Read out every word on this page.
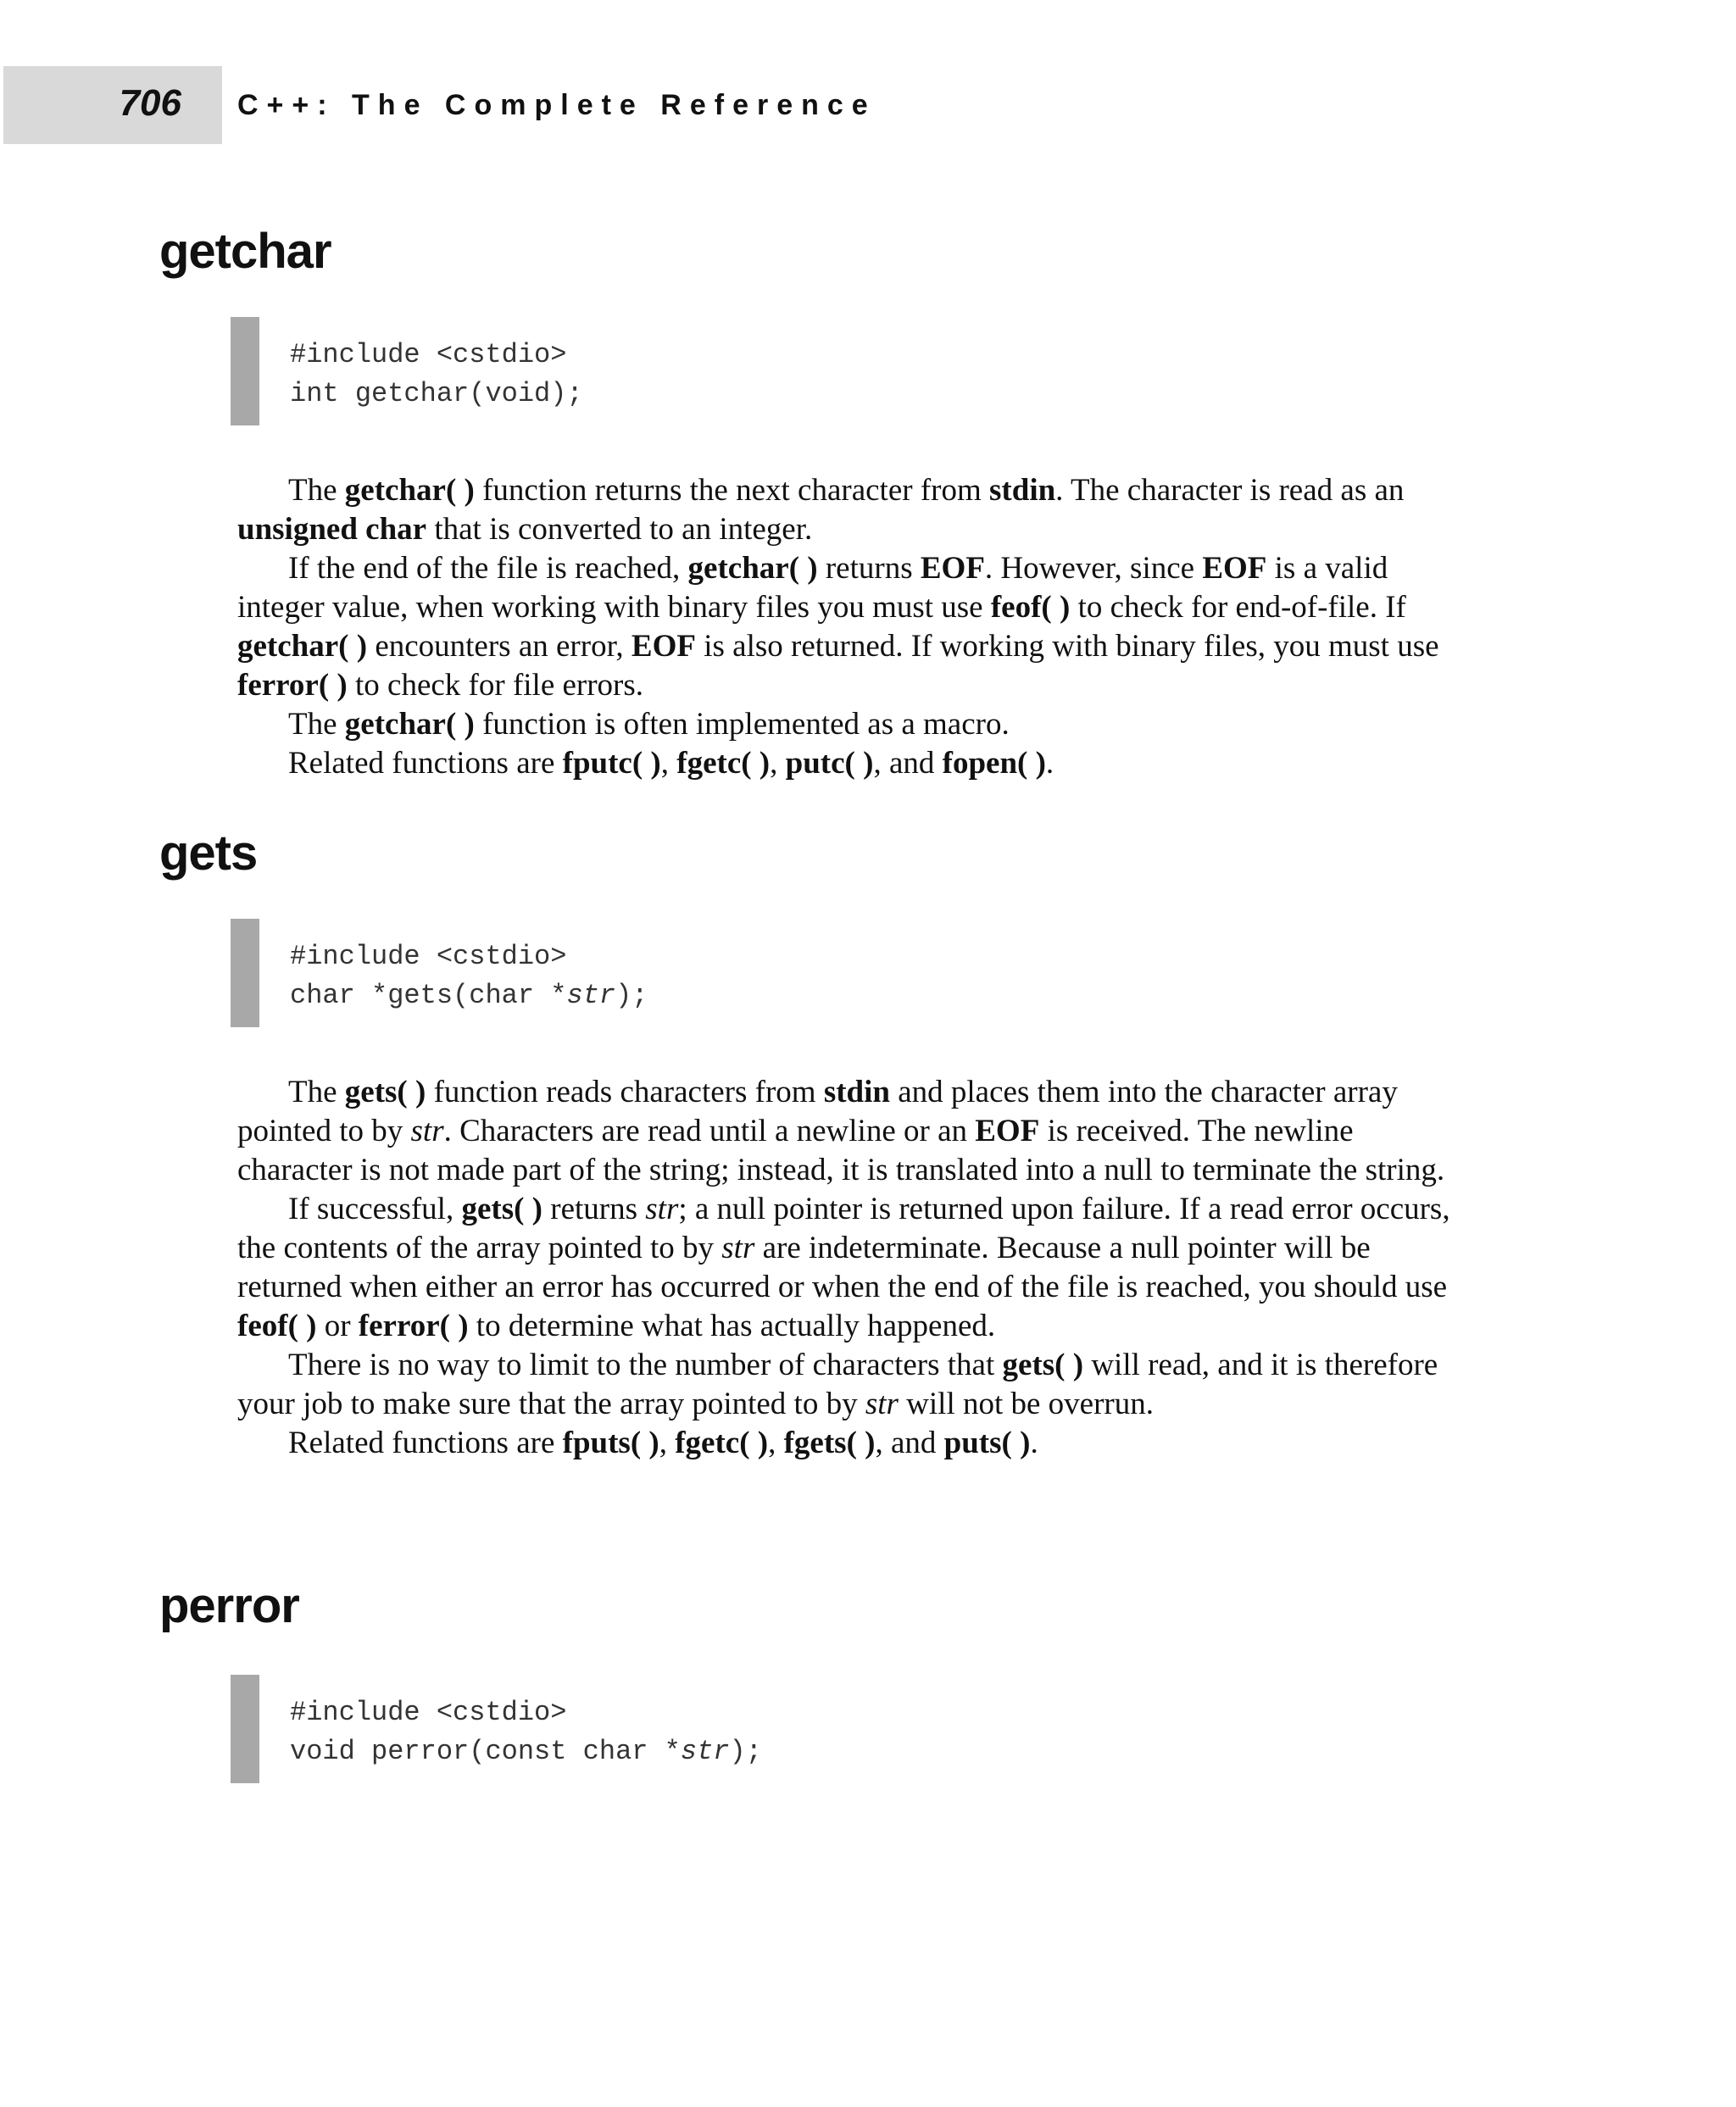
706 C++: The Complete Reference
getchar
#include <cstdio>
int getchar(void);

The getchar( ) function returns the next character from stdin. The character is read as an unsigned char that is converted to an integer.

If the end of the file is reached, getchar( ) returns EOF. However, since EOF is a valid integer value, when working with binary files you must use feof( ) to check for end-of-file. If getchar( ) encounters an error, EOF is also returned. If working with binary files, you must use ferror( ) to check for file errors.

The getchar( ) function is often implemented as a macro.

Related functions are fputc( ), fgetc( ), putc( ), and fopen( ).

gets
#include <cstdio>
char *gets(char *str);

The gets( ) function reads characters from stdin and places them into the character array pointed to by str. Characters are read until a newline or an EOF is received. The newline character is not made part of the string; instead, it is translated into a null to terminate the string.

If successful, gets( ) returns str; a null pointer is returned upon failure. If a read error occurs, the contents of the array pointed to by str are indeterminate. Because a null pointer will be returned when either an error has occurred or when the end of the file is reached, you should use feof( ) or ferror( ) to determine what has actually happened.

There is no way to limit to the number of characters that gets( ) will read, and it is therefore your job to make sure that the array pointed to by str will not be overrun.

Related functions are fputs( ), fgetc( ), fgets( ), and puts( ).

perror
#include <cstdio>
void perror(const char *str);
